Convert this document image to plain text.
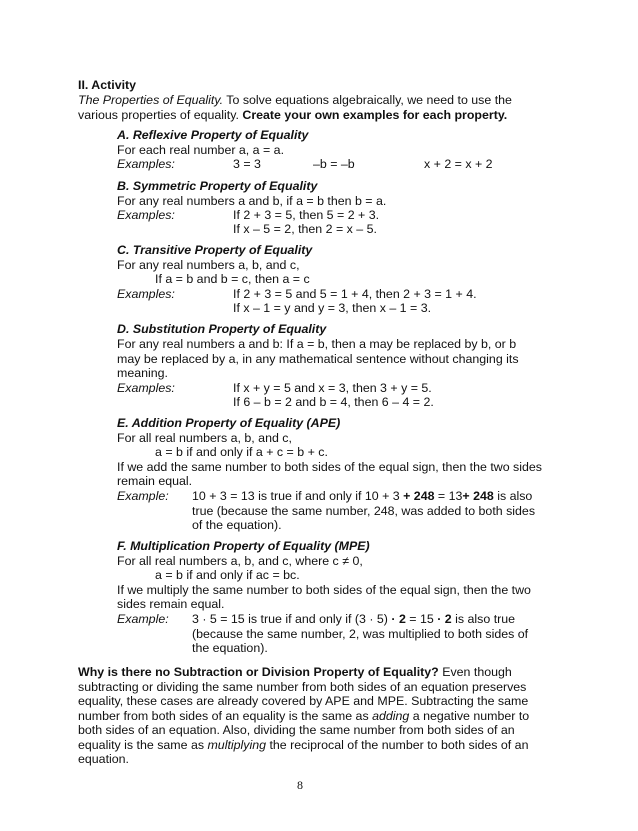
II. Activity
The Properties of Equality. To solve equations algebraically, we need to use the
various properties of equality. Create your own examples for each property.
A. Reflexive Property of Equality
For each real number a, a = a.
Examples:	3 = 3	–b = –b	x + 2 = x + 2
B. Symmetric Property of Equality
For any real numbers a and b, if a = b then b = a.
Examples:	If 2 + 3 = 5, then 5 = 2 + 3.
If x – 5 = 2, then 2 = x – 5.
C. Transitive Property of Equality
For any real numbers a, b, and c,
If a = b and b = c, then a = c
Examples:	If 2 + 3 = 5 and 5 = 1 + 4, then 2 + 3 = 1 + 4.
If x – 1 = y and y = 3, then x – 1 = 3.
D. Substitution Property of Equality
For any real numbers a and b: If a = b, then a may be replaced by b, or b
may be replaced by a, in any mathematical sentence without changing its
meaning.
Examples:	If x + y = 5 and x = 3, then 3 + y = 5.
If 6 – b = 2 and b = 4, then 6 – 4 = 2.
E. Addition Property of Equality (APE)
For all real numbers a, b, and c,
a = b if and only if a + c = b + c.
If we add the same number to both sides of the equal sign, then the two sides
remain equal.
Example: 10 + 3 = 13 is true if and only if 10 + 3 + 248 = 13+ 248 is also
true (because the same number, 248, was added to both sides
of the equation).
F. Multiplication Property of Equality (MPE)
For all real numbers a, b, and c, where c ≠ 0,
a = b if and only if ac = bc.
If we multiply the same number to both sides of the equal sign, then the two
sides remain equal.
Example: 3 · 5 = 15 is true if and only if (3 · 5) · 2 = 15 · 2 is also true
(because the same number, 2, was multiplied to both sides of
the equation).
Why is there no Subtraction or Division Property of Equality? Even though
subtracting or dividing the same number from both sides of an equation preserves
equality, these cases are already covered by APE and MPE. Subtracting the same
number from both sides of an equality is the same as adding a negative number to
both sides of an equation. Also, dividing the same number from both sides of an
equality is the same as multiplying the reciprocal of the number to both sides of an
equation.
8
